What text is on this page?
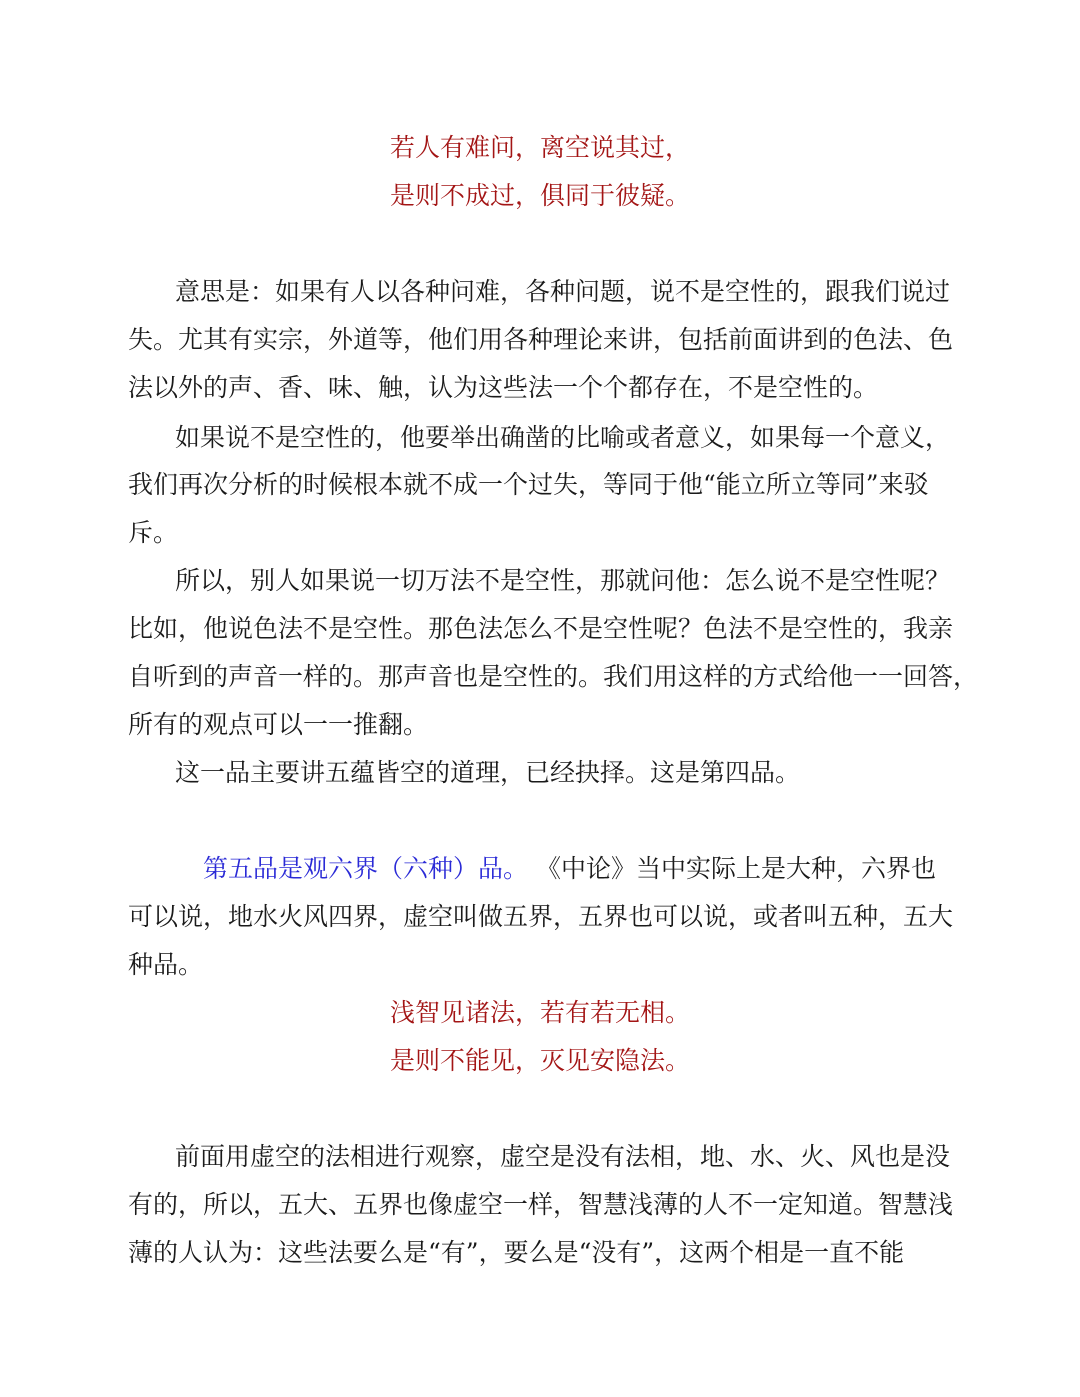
若人有难问，离空说其过，
是则不成过，俱同于彼疑。
意思是：如果有人以各种问难，各种问题，说不是空性的，跟我们说过
失。尤其有实宗，外道等，他们用各种理论来讲，包括前面讲到的色法、色
法以外的声、香、味、触，认为这些法一个个都存在，不是空性的。
如果说不是空性的，他要举出确凿的比喻或者意义，如果每一个意义，
我们再次分析的时候根本就不成一个过失，等同于他“能立所立等同”来驳
斥。
所以，别人如果说一切万法不是空性，那就问他：怎么说不是空性呢？
比如，他说色法不是空性。那色法怎么不是空性呢？色法不是空性的，我亲
自听到的声音一样的。那声音也是空性的。我们用这样的方式给他一一回答，
所有的观点可以一一推翻。
这一品主要讲五蕴皆空的道理，已经抉择。这是第四品。
第五品是观六界（六种）品。 《中论》当中实际上是大种，六界也
可以说，地水火风四界，虚空叫做五界，五界也可以说，或者叫五种，五大
种品。
浅智见诸法，若有若无相。
是则不能见，灭见安隐法。
前面用虚空的法相进行观察，虚空是没有法相，地、水、火、风也是没
有的，所以，五大、五界也像虚空一样，智慧浅薄的人不一定知道。智慧浅
薄的人认为：这些法要么是“有”，要么是“没有”，这两个相是一直不能
